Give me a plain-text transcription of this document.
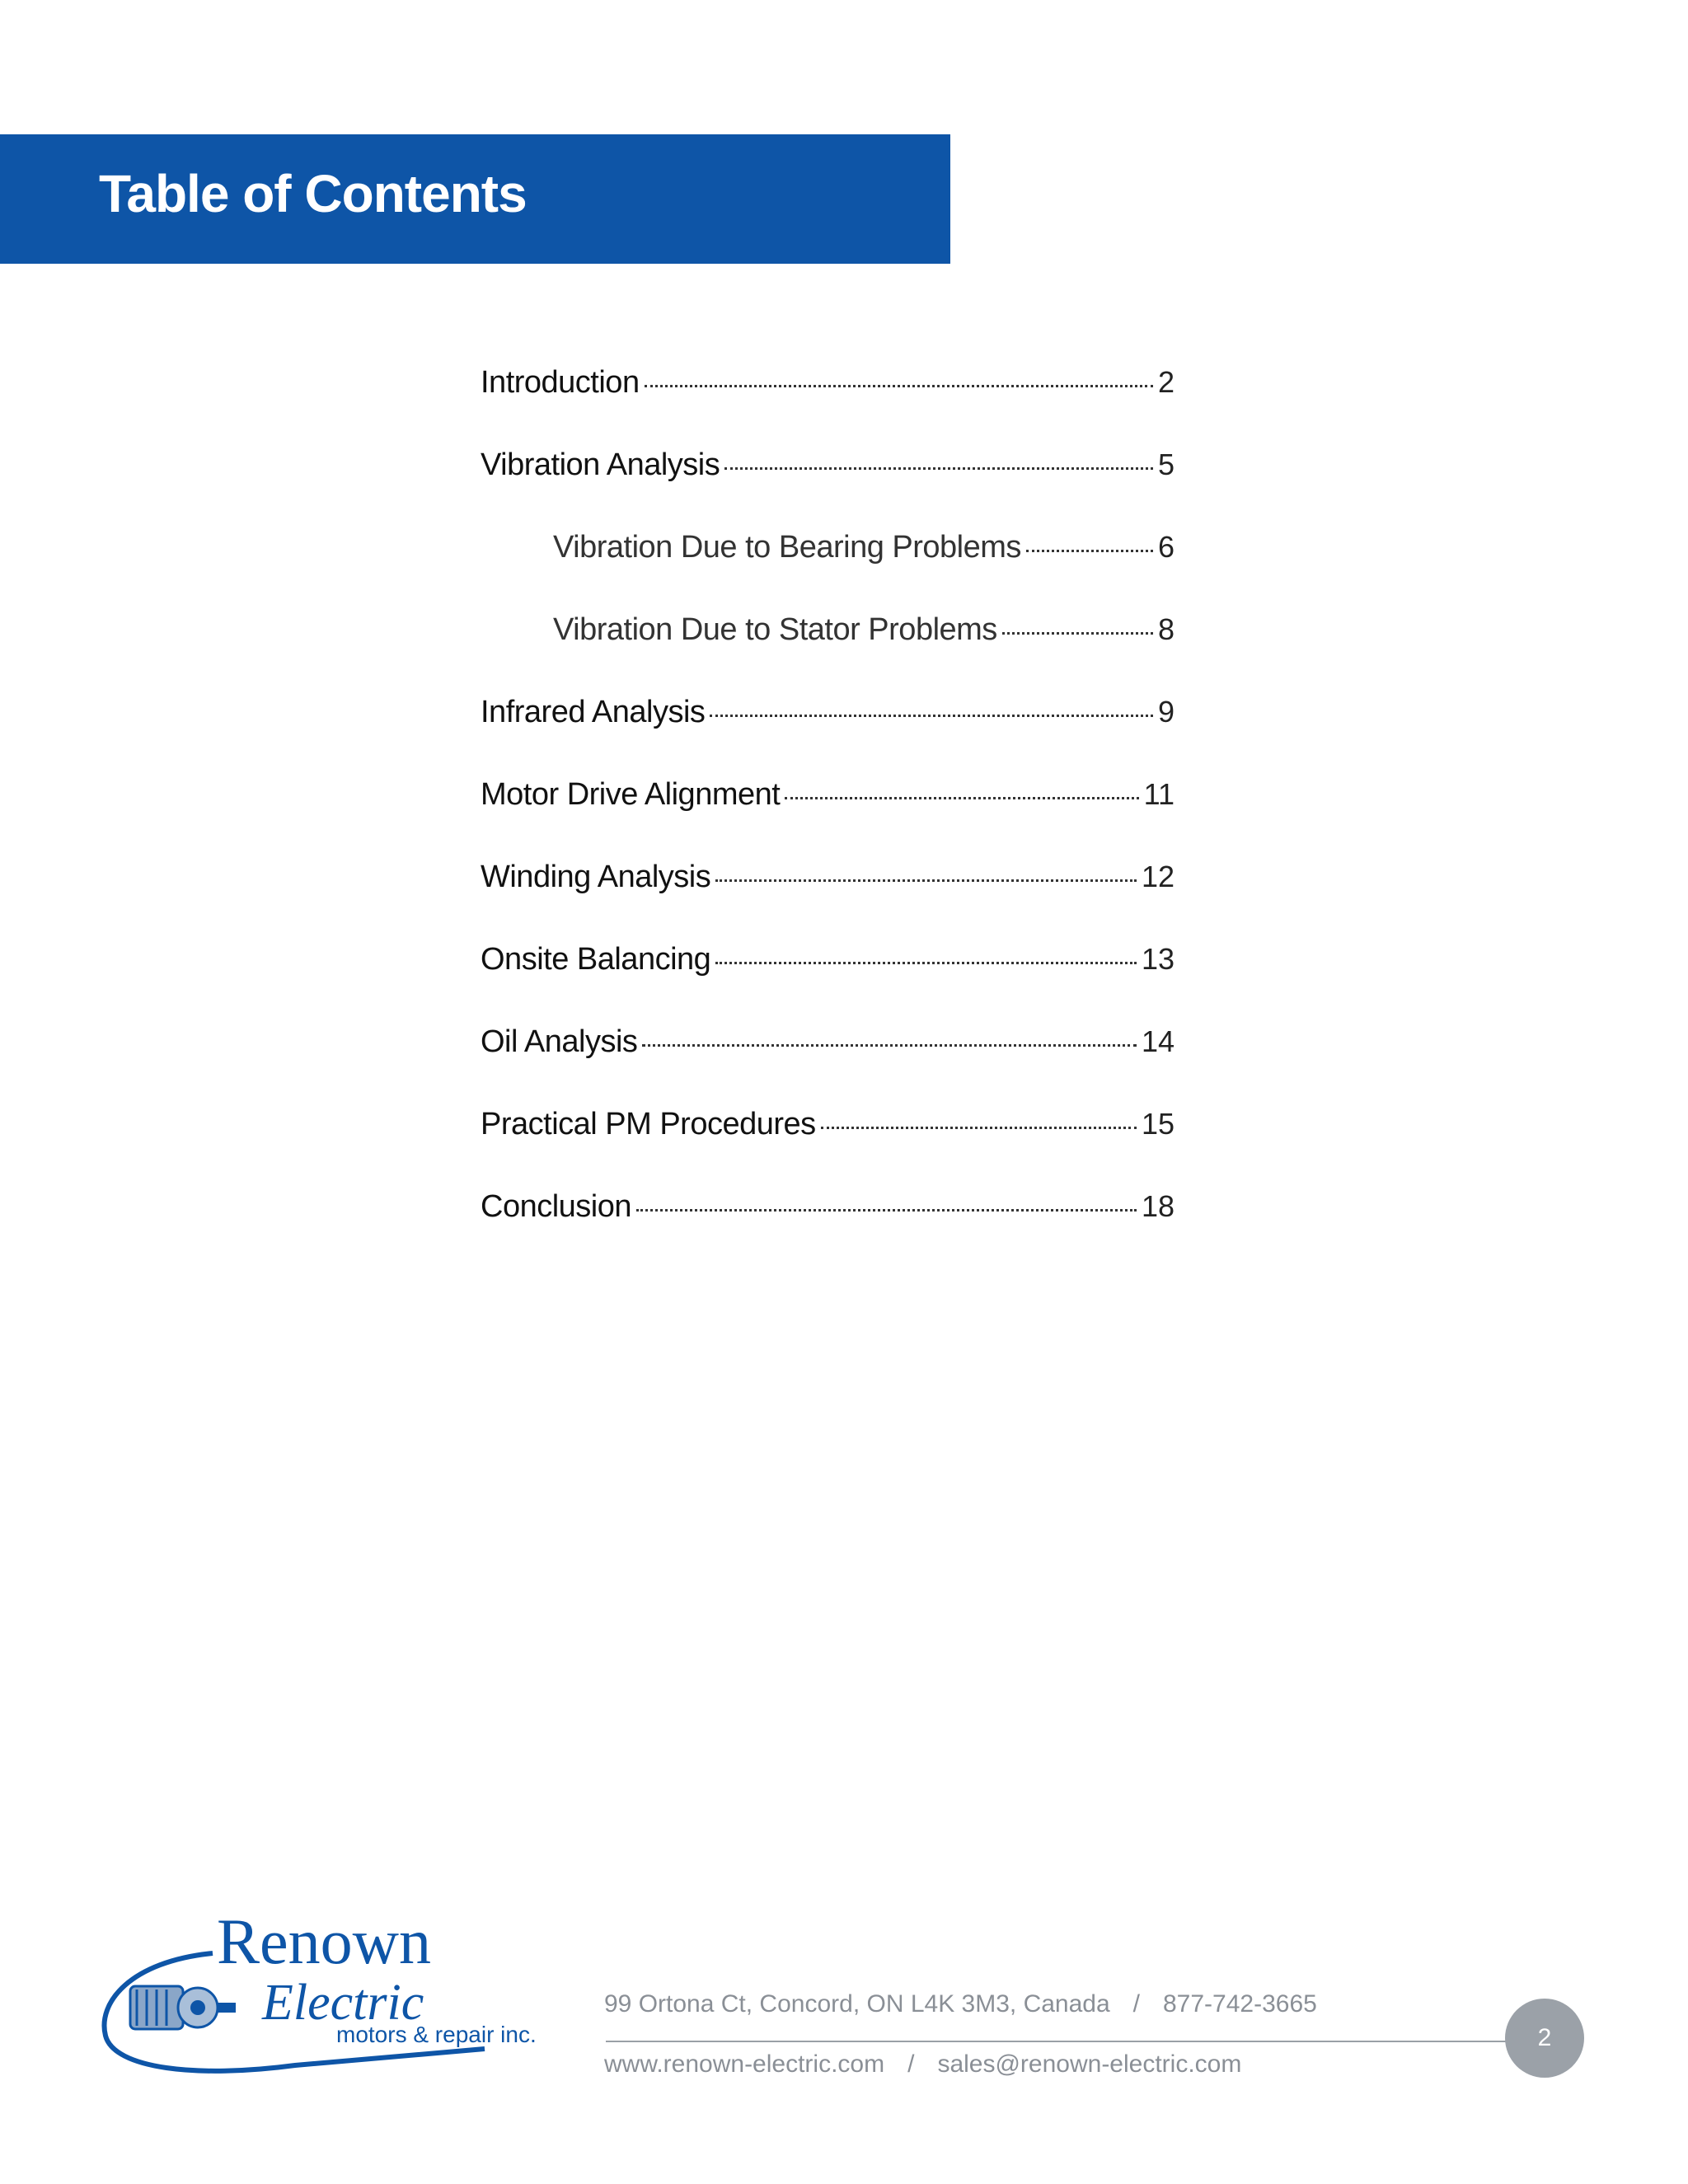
Table of Contents
Introduction	2
Vibration Analysis	5
Vibration Due to Bearing Problems	6
Vibration Due to Stator Problems	8
Infrared Analysis	9
Motor Drive Alignment	11
Winding Analysis	12
Onsite Balancing	13
Oil Analysis	14
Practical PM Procedures	15
Conclusion	18
Renown
Electric
motors & repair inc.
99 Ortona Ct, Concord, ON L4K 3M3, Canada / 877-742-3665
www.renown-electric.com / sales@renown-electric.com
2
